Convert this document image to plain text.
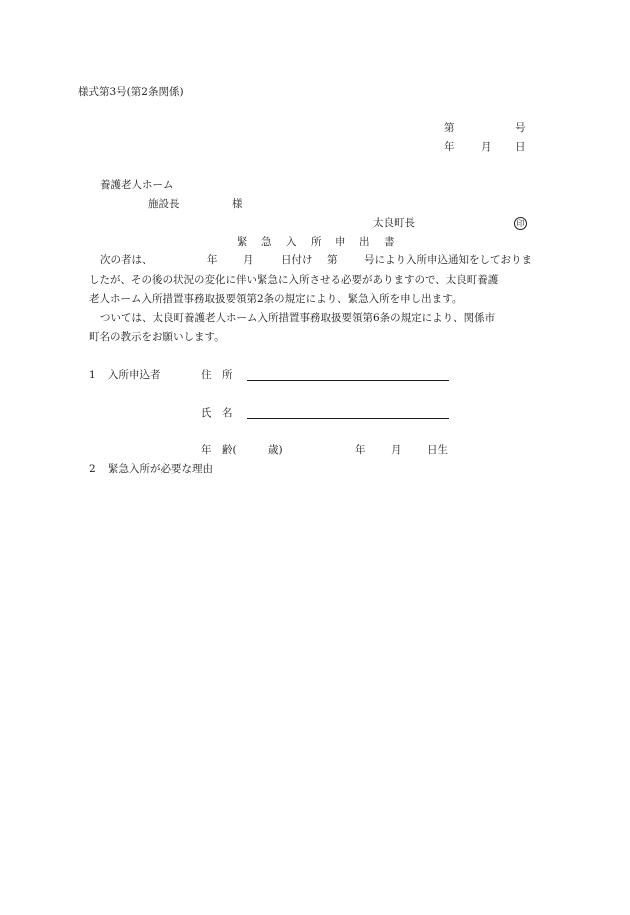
様式第3号(第2条関係)
第	号
年	月 日
養護老人ホーム
施設長	様
太良町長	印
緊 急 入 所 申 出 書
次の者は、	年 月	日付け 第	号により入所申込通知をしておりま
したが、その後の状況の変化に伴い緊急に入所させる必要がありますので、太良町養護
老人ホーム入所措置事務取扱要領第2条の規定により、緊急入所を申し出ます。
ついては、太良町養護老人ホーム入所措置事務取扱要領第6条の規定により、関係市
町名の教示をお願いします。
1 入所申込者	住　所
氏　名
年　齢(	歳)	年 月 日生
2 緊急入所が必要な理由
